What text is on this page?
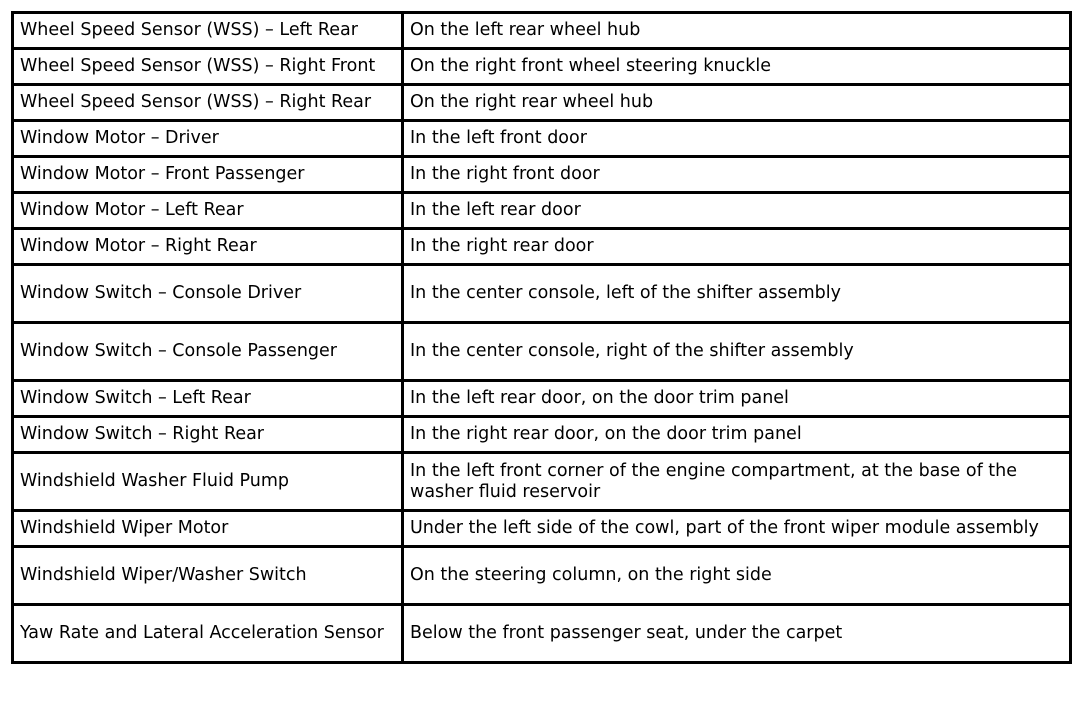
Wheel Speed Sensor (WSS) – Left Rear	On the left rear wheel hub
Wheel Speed Sensor (WSS) – Right Front	On the right front wheel steering knuckle
Wheel Speed Sensor (WSS) – Right Rear	On the right rear wheel hub
Window Motor – Driver	In the left front door
Window Motor – Front Passenger	In the right front door
Window Motor – Left Rear	In the left rear door
Window Motor – Right Rear	In the right rear door
Window Switch – Console Driver	In the center console, left of the shifter assembly
Window Switch – Console Passenger	In the center console, right of the shifter assembly
Window Switch – Left Rear	In the left rear door, on the door trim panel
Window Switch – Right Rear	In the right rear door, on the door trim panel
Windshield Washer Fluid Pump	In the left front corner of the engine compartment, at the base of the washer fluid reservoir
Windshield Wiper Motor	Under the left side of the cowl, part of the front wiper module assembly
Windshield Wiper/Washer Switch	On the steering column, on the right side
Yaw Rate and Lateral Acceleration Sensor	Below the front passenger seat, under the carpet
